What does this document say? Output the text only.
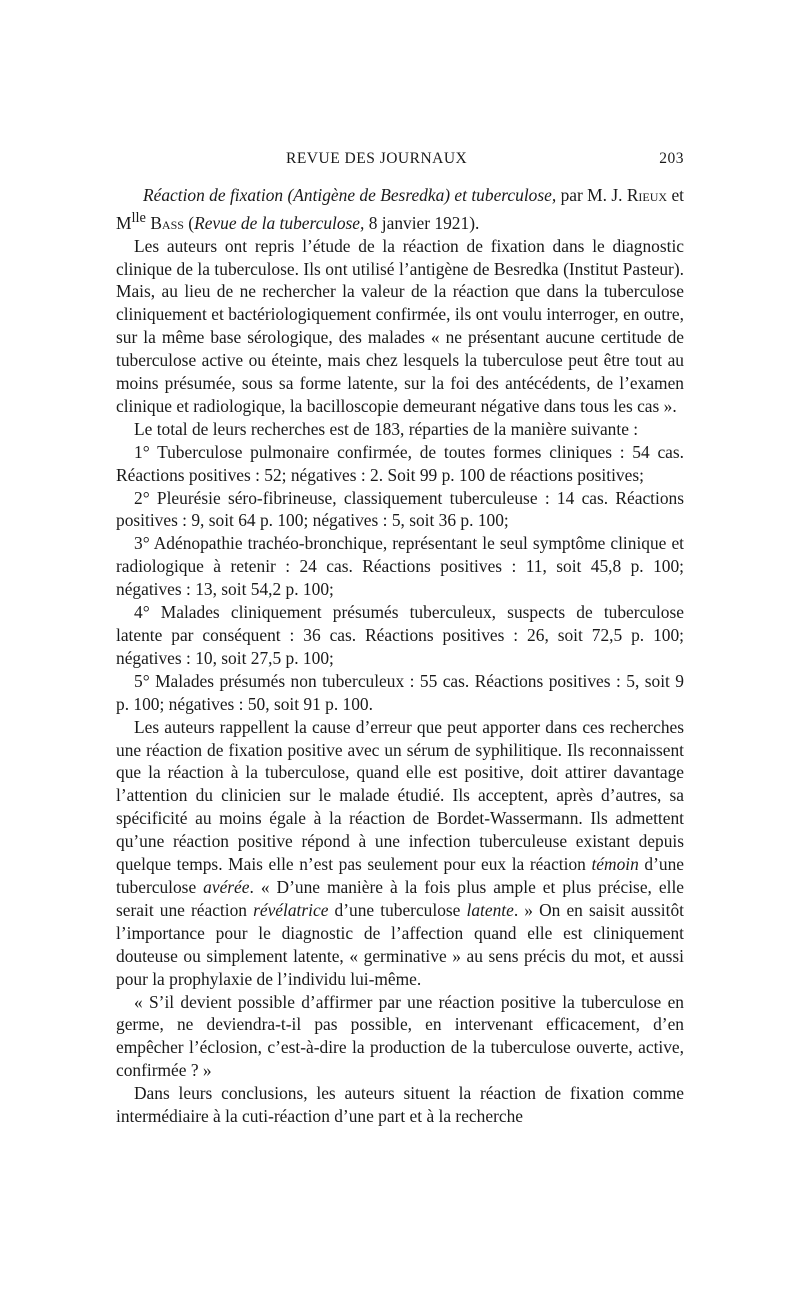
REVUE DES JOURNAUX	203

Réaction de fixation (Antigène de Besredka) et tuberculose, par M. J. Rieux et $M^{lle}$ Bass (Revue de la tuberculose, 8 janvier 1921).

Les auteurs ont repris l’étude de la réaction de fixation dans le diagnostic clinique de la tuberculose. Ils ont utilisé l’antigène de Besredka (Institut Pasteur). Mais, au lieu de ne rechercher la valeur de la réaction que dans la tuberculose cliniquement et bactériologiquement confirmée, ils ont voulu interroger, en outre, sur la même base sérologique, des malades « ne présentant aucune certitude de tuberculose active ou éteinte, mais chez lesquels la tuberculose peut être tout au moins présumée, sous sa forme latente, sur la foi des antécédents, de l’examen clinique et radiologique, la bacilloscopie demeurant négative dans tous les cas ».

Le total de leurs recherches est de 183, réparties de la manière suivante :

1° Tuberculose pulmonaire confirmée, de toutes formes cliniques : 54 cas. Réactions positives : 52; négatives : 2. Soit 99 p. 100 de réactions positives;

2° Pleurésie séro-fibrineuse, classiquement tuberculeuse : 14 cas. Réactions positives : 9, soit 64 p. 100; négatives : 5, soit 36 p. 100;

3° Adénopathie trachéo-bronchique, représentant le seul symptôme clinique et radiologique à retenir : 24 cas. Réactions positives : 11, soit 45,8 p. 100; négatives : 13, soit 54,2 p. 100;

4° Malades cliniquement présumés tuberculeux, suspects de tuberculose latente par conséquent : 36 cas. Réactions positives : 26, soit 72,5 p. 100; négatives : 10, soit 27,5 p. 100;

5° Malades présumés non tuberculeux : 55 cas. Réactions positives : 5, soit 9 p. 100; négatives : 50, soit 91 p. 100.

Les auteurs rappellent la cause d’erreur que peut apporter dans ces recherches une réaction de fixation positive avec un sérum de syphilitique. Ils reconnaissent que la réaction à la tuberculose, quand elle est positive, doit attirer davantage l’attention du clinicien sur le malade étudié. Ils acceptent, après d’autres, sa spécificité au moins égale à la réaction de Bordet-Wassermann. Ils admettent qu’une réaction positive répond à une infection tuberculeuse existant depuis quelque temps. Mais elle n’est pas seulement pour eux la réaction témoin d’une tuberculose avérée. « D’une manière à la fois plus ample et plus précise, elle serait une réaction révélatrice d’une tuberculose latente. » On en saisit aussitôt l’importance pour le diagnostic de l’affection quand elle est cliniquement douteuse ou simplement latente, « germinative » au sens précis du mot, et aussi pour la prophylaxie de l’individu lui-même.

« S’il devient possible d’affirmer par une réaction positive la tuberculose en germe, ne deviendra-t-il pas possible, en intervenant efficacement, d’en empêcher l’éclosion, c’est-à-dire la production de la tuberculose ouverte, active, confirmée ? »

Dans leurs conclusions, les auteurs situent la réaction de fixation comme intermédiaire à la cuti-réaction d’une part et à la recherche
